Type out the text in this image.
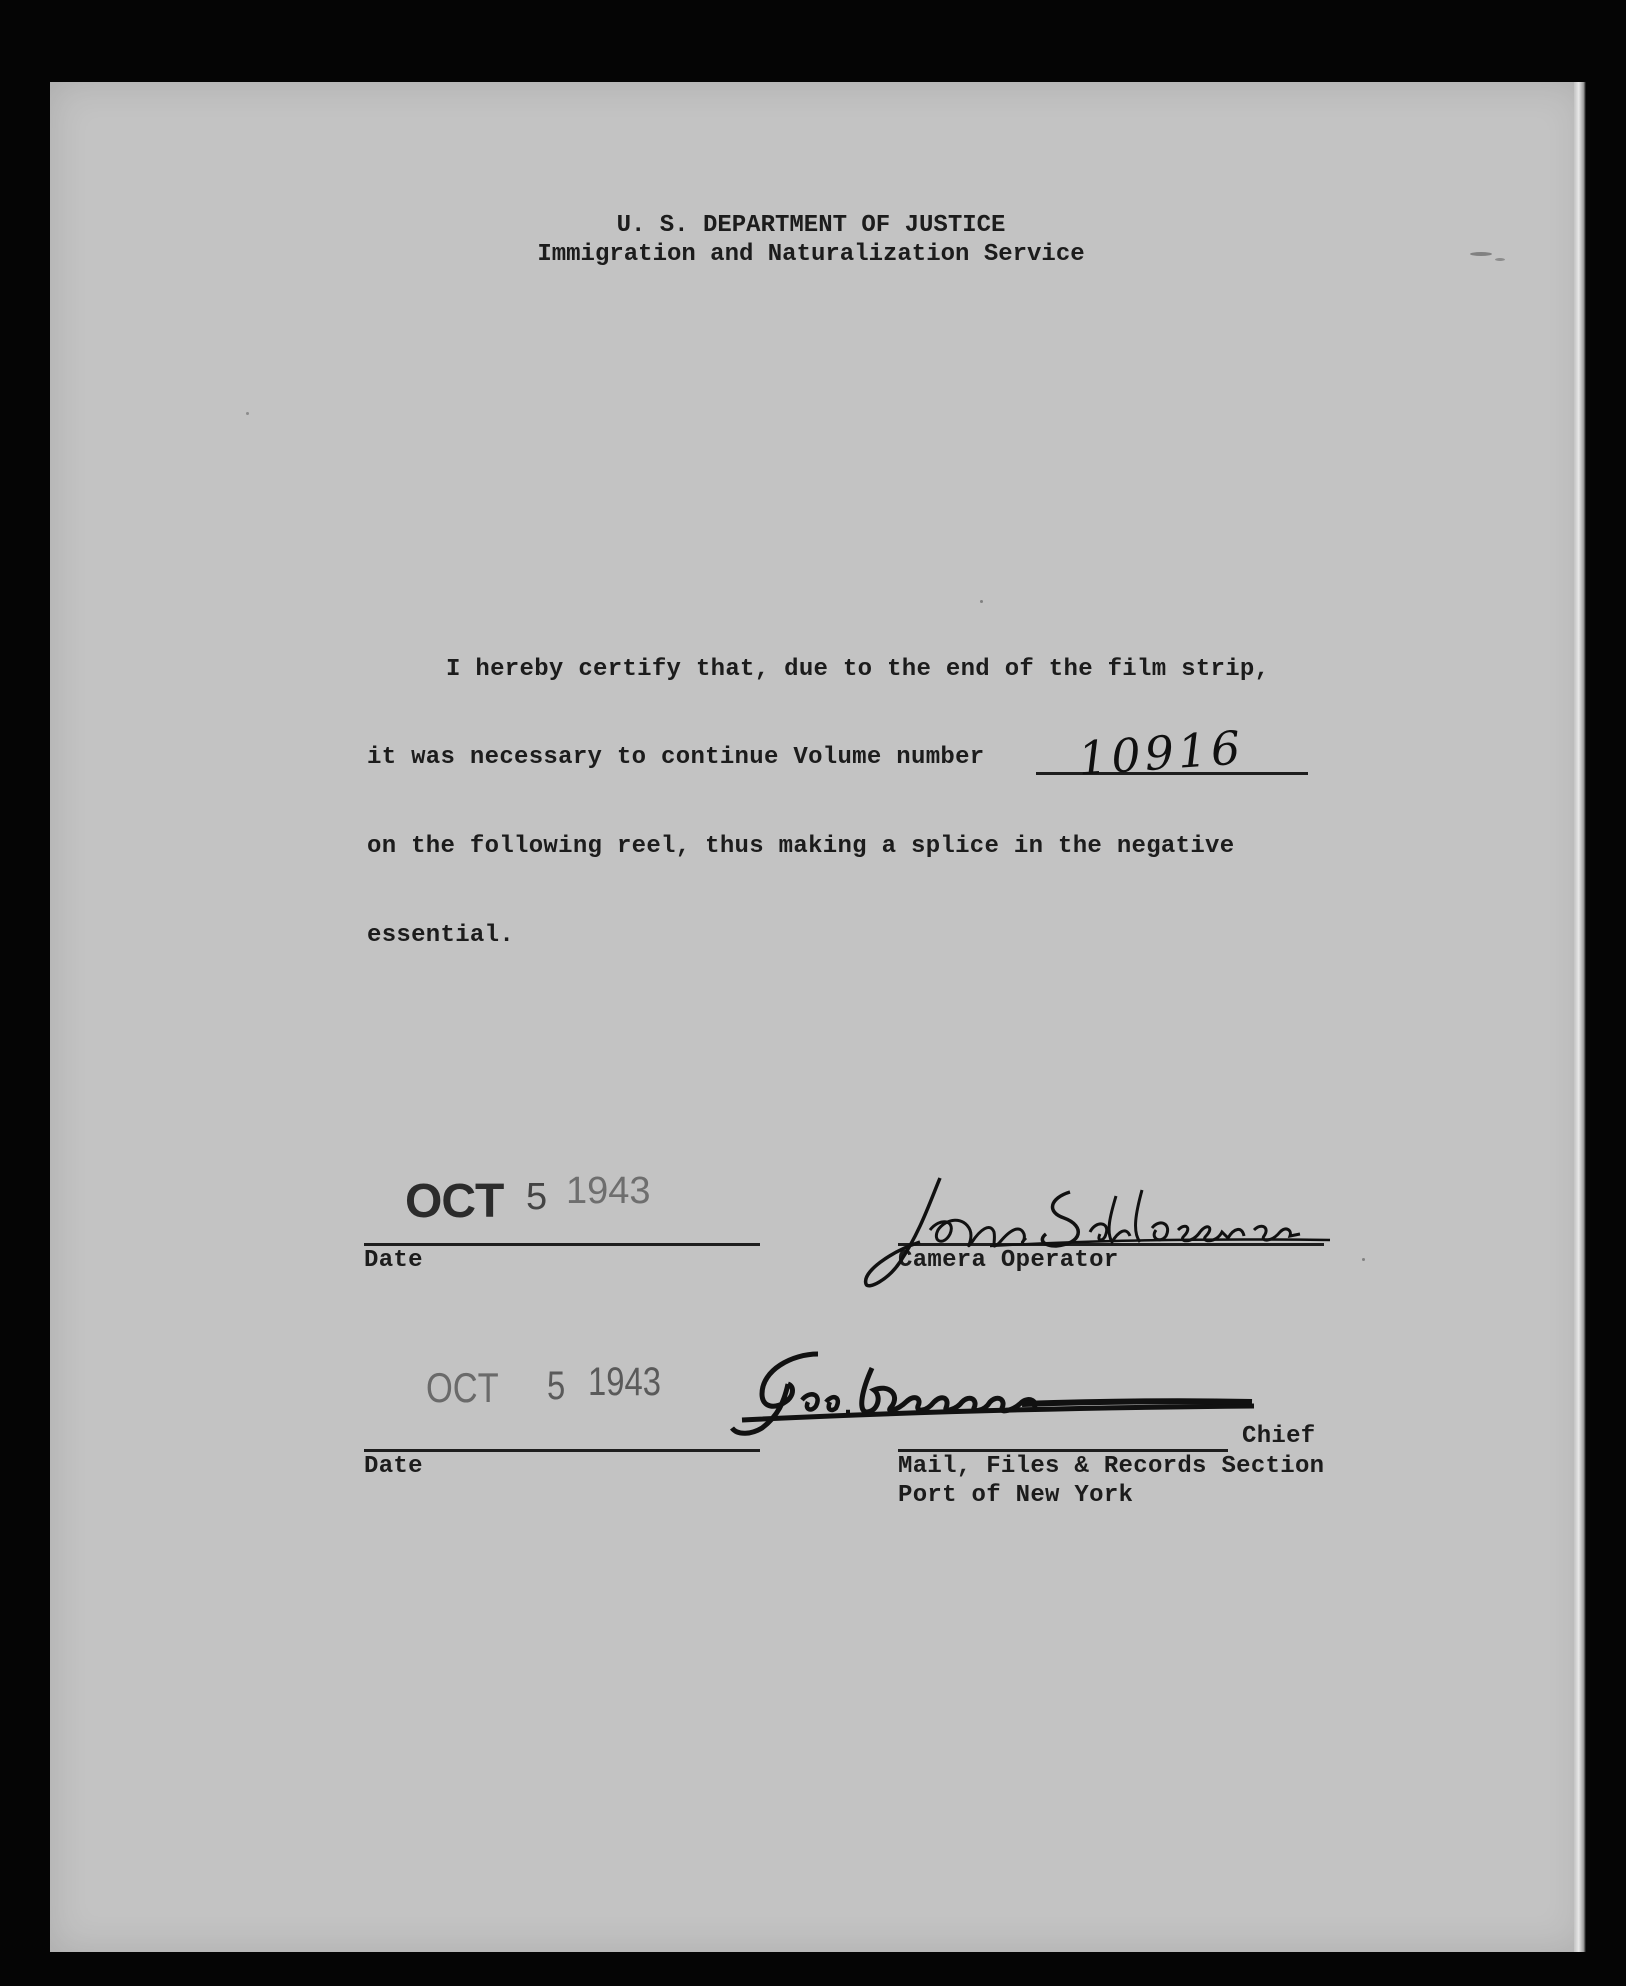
U. S. DEPARTMENT OF JUSTICE
Immigration and Naturalization Service
I hereby certify that, due to the end of the film strip,
it was necessary to continue Volume number 10916
on the following reel, thus making a splice in the negative
essential.
OCT 5 1943
Date	Camera Operator
OCT 5 1943
Date
Chief
Mail, Files & Records Section
Port of New York
